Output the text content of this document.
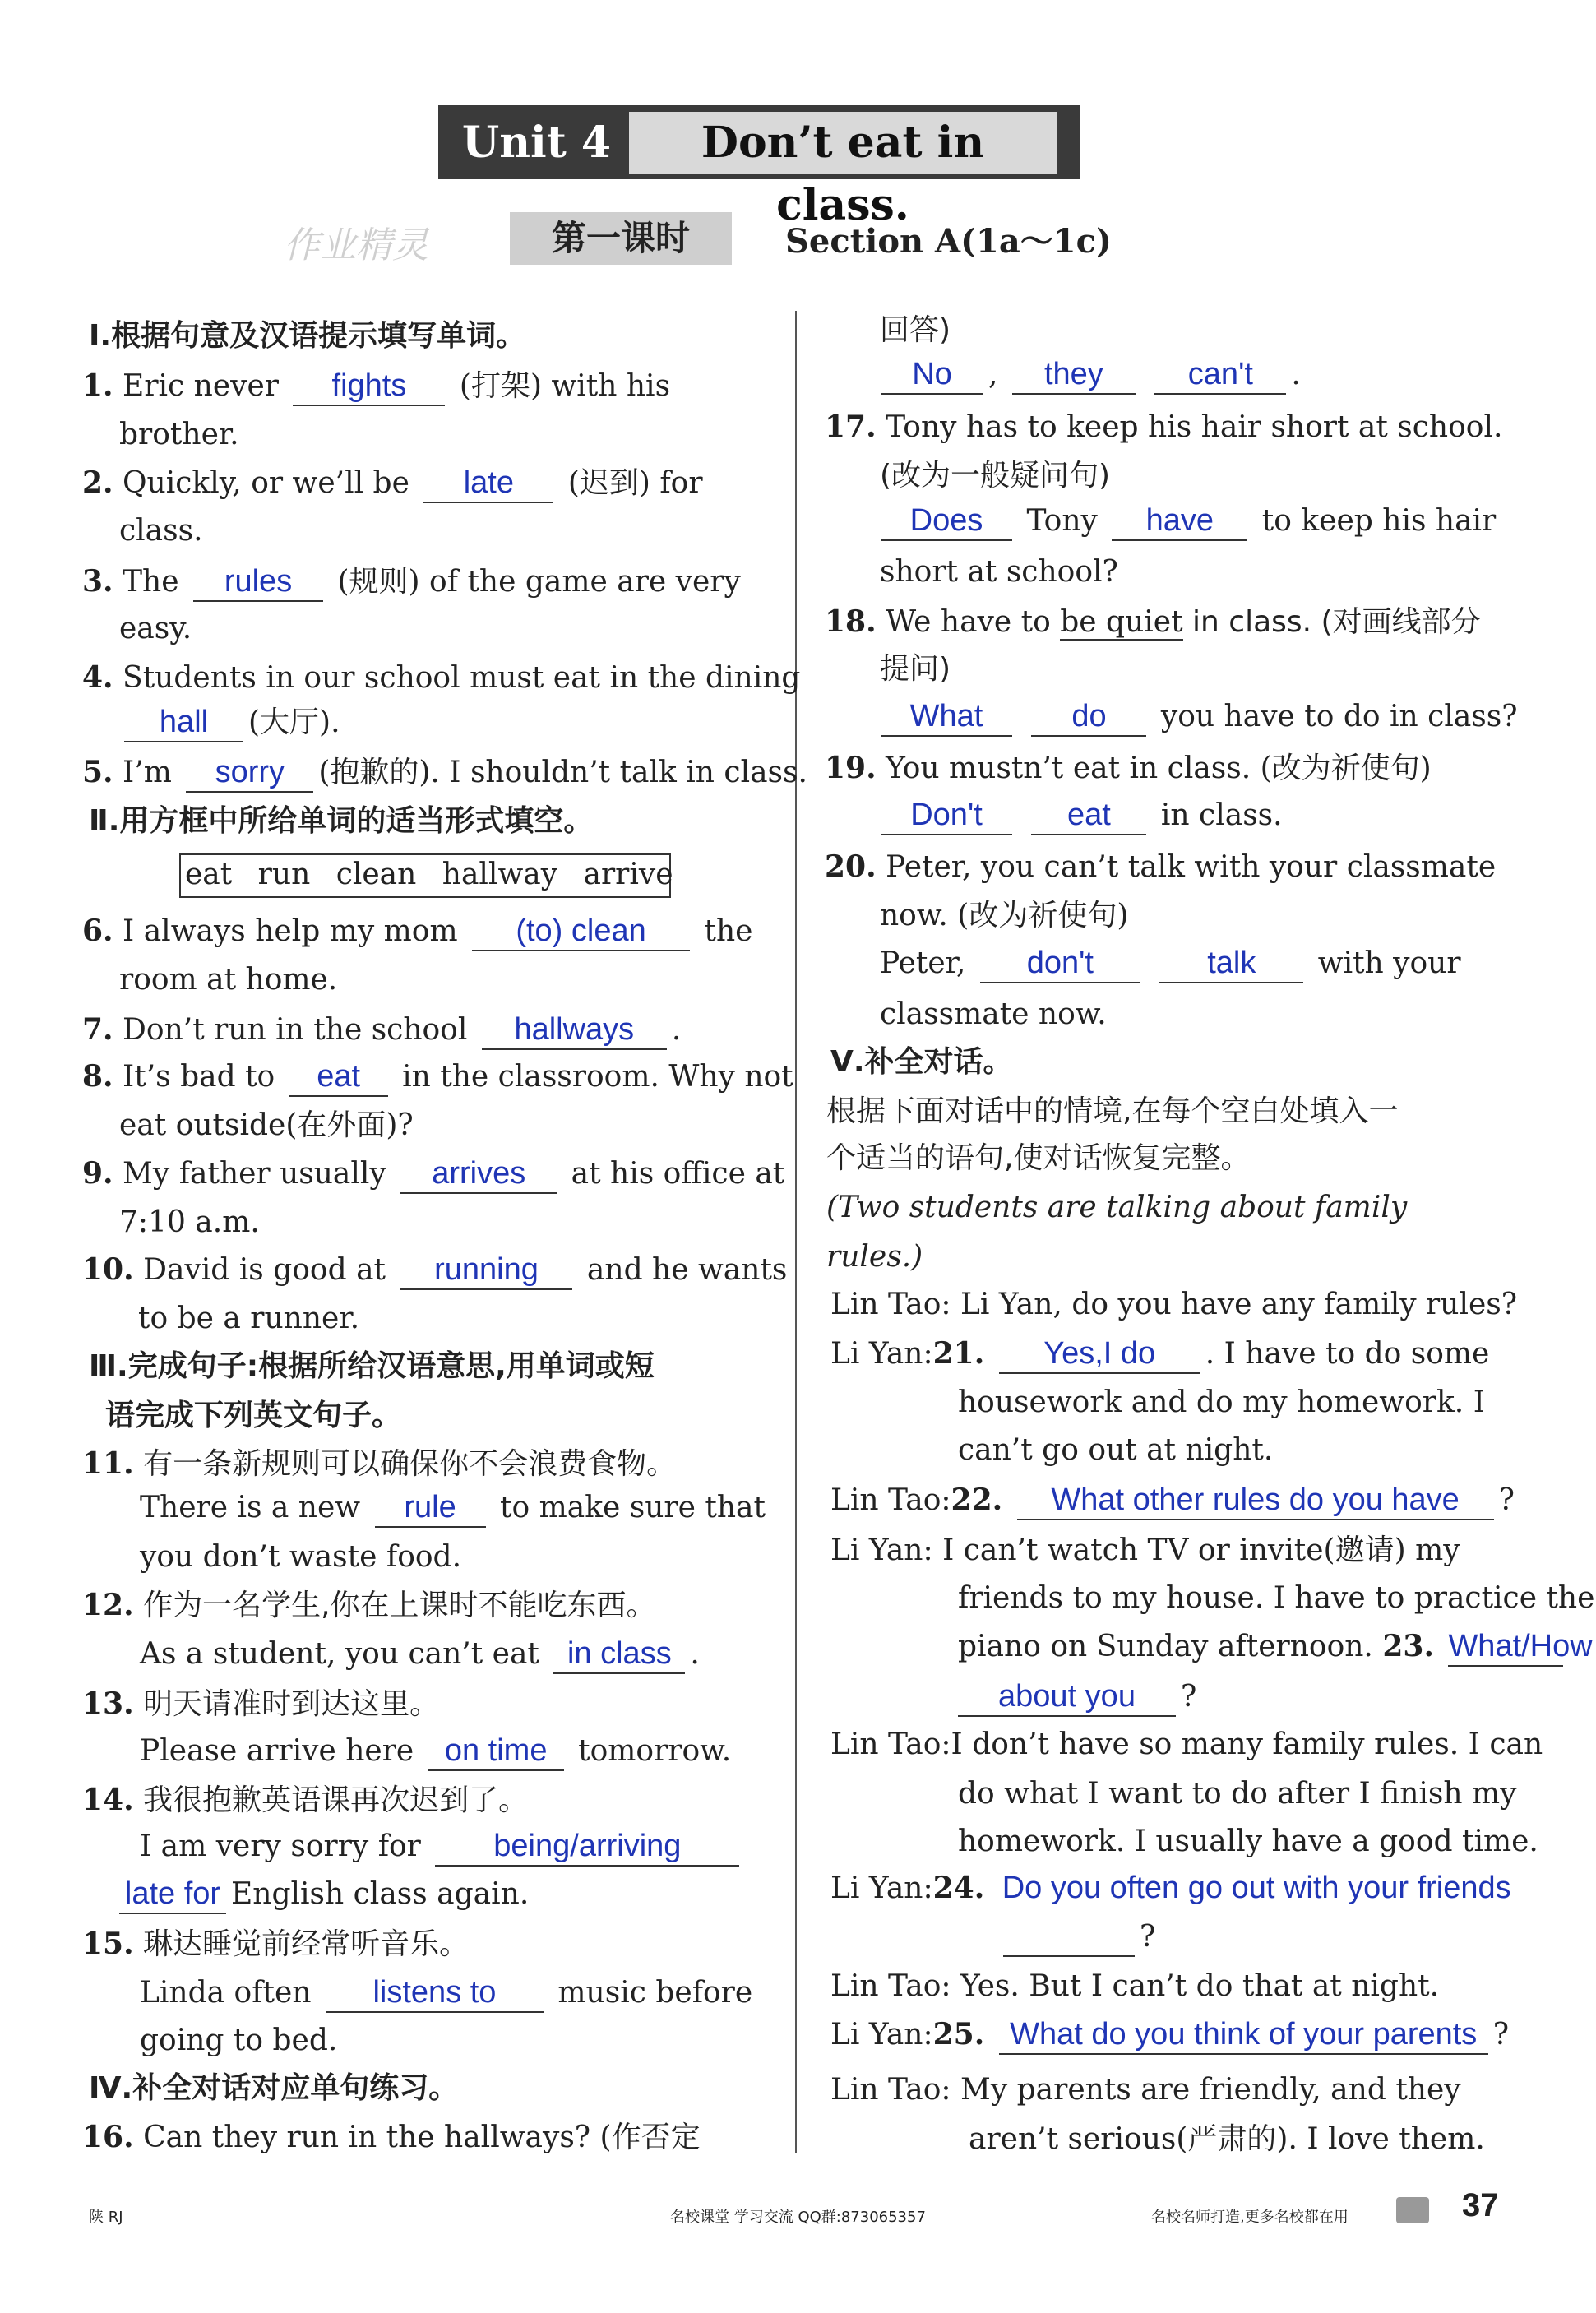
Unit 4	Don’t eat in class.
作业精灵	第一课时	Section A(1a～1c)
Ⅰ.根据句意及汉语提示填写单词。
1. Eric never fights (打架) with his
brother.
2. Quickly, or we’ll be late (迟到) for
class.
3. The rules (规则) of the game are very
easy.
4. Students in our school must eat in the dining
hall (大厅).
5. I’m sorry (抱歉的). I shouldn’t talk in class.
Ⅱ.用方框中所给单词的适当形式填空。
eat run clean hallway arrive
6. I always help my mom (to) clean the
room at home.
7. Don’t run in the school hallways .
8. It’s bad to eat in the classroom. Why not
eat outside(在外面)?
9. My father usually arrives at his office at
7:10 a.m.
10. David is good at running and he wants
to be a runner.
Ⅲ.完成句子:根据所给汉语意思,用单词或短
语完成下列英文句子。
11. 有一条新规则可以确保你不会浪费食物。
There is a new rule to make sure that
you don’t waste food.
12. 作为一名学生,你在上课时不能吃东西。
As a student, you can’t eat in class .
13. 明天请准时到达这里。
Please arrive here on time tomorrow.
14. 我很抱歉英语课再次迟到了。
I am very sorry for being/arriving
late for English class again.
15. 琳达睡觉前经常听音乐。
Linda often listens to music before
going to bed.
Ⅳ.补全对话对应单句练习。
16. Can they run in the hallways? (作否定
回答)
No , they	can't .
17. Tony has to keep his hair short at school.
(改为一般疑问句)
Does Tony have to keep his hair
short at school?
18. We have to be quiet in class. (对画线部分
提问)
What	do you have to do in class?
19. You mustn’t eat in class. (改为祈使句)
Don't	eat in class.
20. Peter, you can’t talk with your classmate
now. (改为祈使句)
Peter, don't	talk with your
classmate now.
Ⅴ.补全对话。
根据下面对话中的情境,在每个空白处填入一
个适当的语句,使对话恢复完整。
(Two students are talking about family
rules.)
Lin Tao: Li Yan, do you have any family rules?
Li Yan:21. Yes,I do . I have to do some
housework and do my homework. I
can’t go out at night.
Lin Tao:22. What other rules do you have ?
Li Yan: I can’t watch TV or invite(邀请) my
friends to my house. I have to practice the
piano on Sunday afternoon. 23. What/How
about you ?
Lin Tao:I don’t have so many family rules. I can
do what I want to do after I finish my
homework. I usually have a good time.
Li Yan:24. Do you often go out with your friends
?
Lin Tao: Yes. But I can’t do that at night.
Li Yan:25. What do you think of your parents ?
Lin Tao: My parents are friendly, and they
aren’t serious(严肃的). I love them.
陕 RJ	名校课堂 学习交流 QQ群:873065357	名校名师打造,更多名校都在用	37
